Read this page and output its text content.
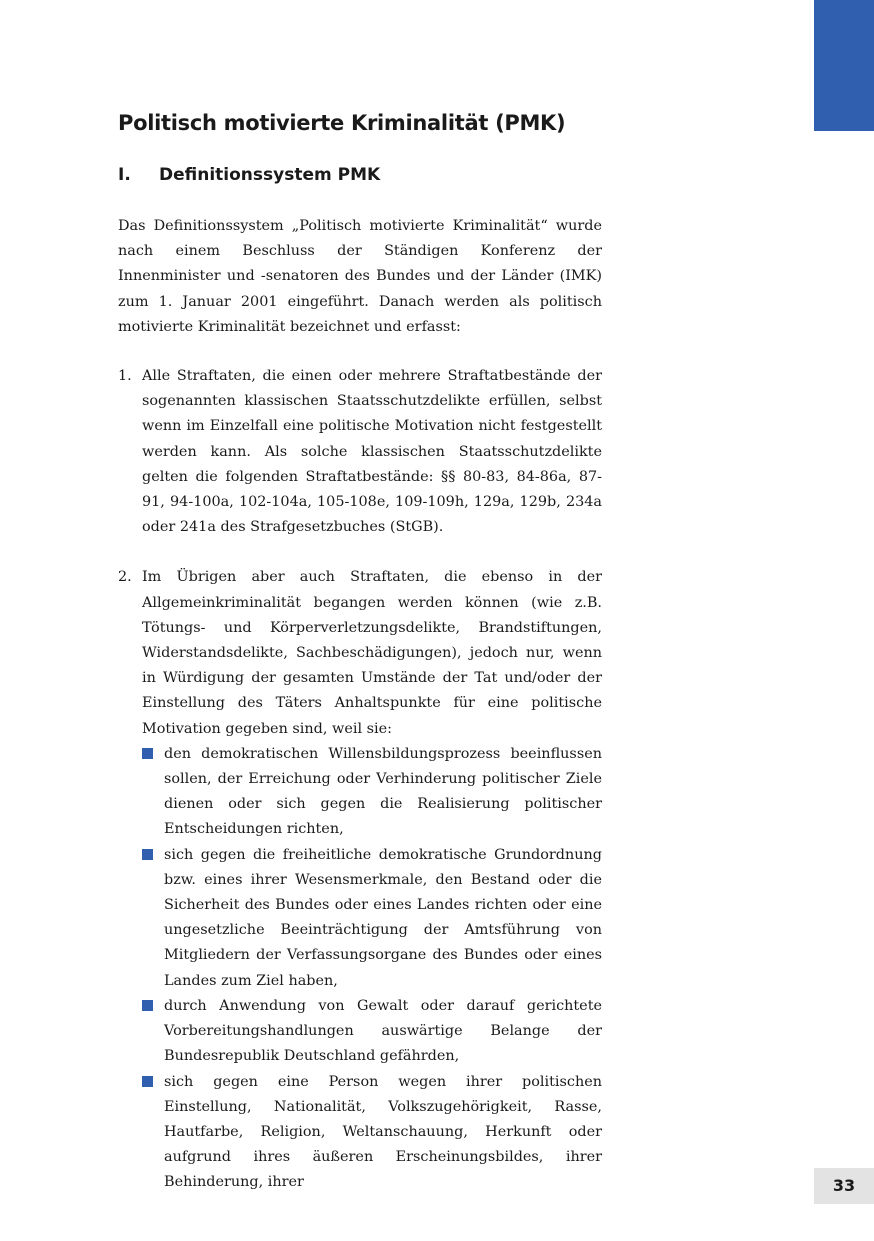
Politisch motivierte Kriminalität (PMK)
I.	Definitionssystem PMK

Das Definitionssystem „Politisch motivierte Kriminalität“ wurde nach einem Beschluss der Ständigen Konferenz der Innenminister und -senatoren des Bundes und der Länder (IMK) zum 1. Januar 2001 eingeführt. Danach werden als politisch motivierte Kriminalität bezeichnet und erfasst:

1. Alle Straftaten, die einen oder mehrere Straftatbestände der sogenannten klassischen Staatsschutzdelikte erfüllen, selbst wenn im Einzelfall eine politische Motivation nicht festgestellt werden kann. Als solche klassischen Staatsschutzdelikte gelten die folgenden Straftatbestände: §§ 80-83, 84-86a, 87-91, 94-100a, 102-104a, 105-108e, 109-109h, 129a, 129b, 234a oder 241a des Strafgesetzbuches (StGB).
2. Im Übrigen aber auch Straftaten, die ebenso in der Allgemeinkriminalität begangen werden können (wie z.B. Tötungs- und Körperverletzungsdelikte, Brandstiftungen, Widerstandsdelikte, Sachbeschädigungen), jedoch nur, wenn in Würdigung der gesamten Umstände der Tat und/oder der Einstellung des Täters Anhaltspunkte für eine politische Motivation gegeben sind, weil sie:
den demokratischen Willensbildungsprozess beeinflussen sollen, der Erreichung oder Verhinderung politischer Ziele dienen oder sich gegen die Realisierung politischer Entscheidungen richten,
sich gegen die freiheitliche demokratische Grundordnung bzw. eines ihrer Wesensmerkmale, den Bestand oder die Sicherheit des Bundes oder eines Landes richten oder eine ungesetzliche Beeinträchtigung der Amtsführung von Mitgliedern der Verfassungsorgane des Bundes oder eines Landes zum Ziel haben,
durch Anwendung von Gewalt oder darauf gerichtete Vorbereitungshandlungen auswärtige Belange der Bundesrepublik Deutschland gefährden,
sich gegen eine Person wegen ihrer politischen Einstellung, Nationalität, Volkszugehörigkeit, Rasse, Hautfarbe, Religion, Weltanschauung, Herkunft oder aufgrund ihres äußeren Erscheinungsbildes, ihrer Behinderung, ihrer	33
